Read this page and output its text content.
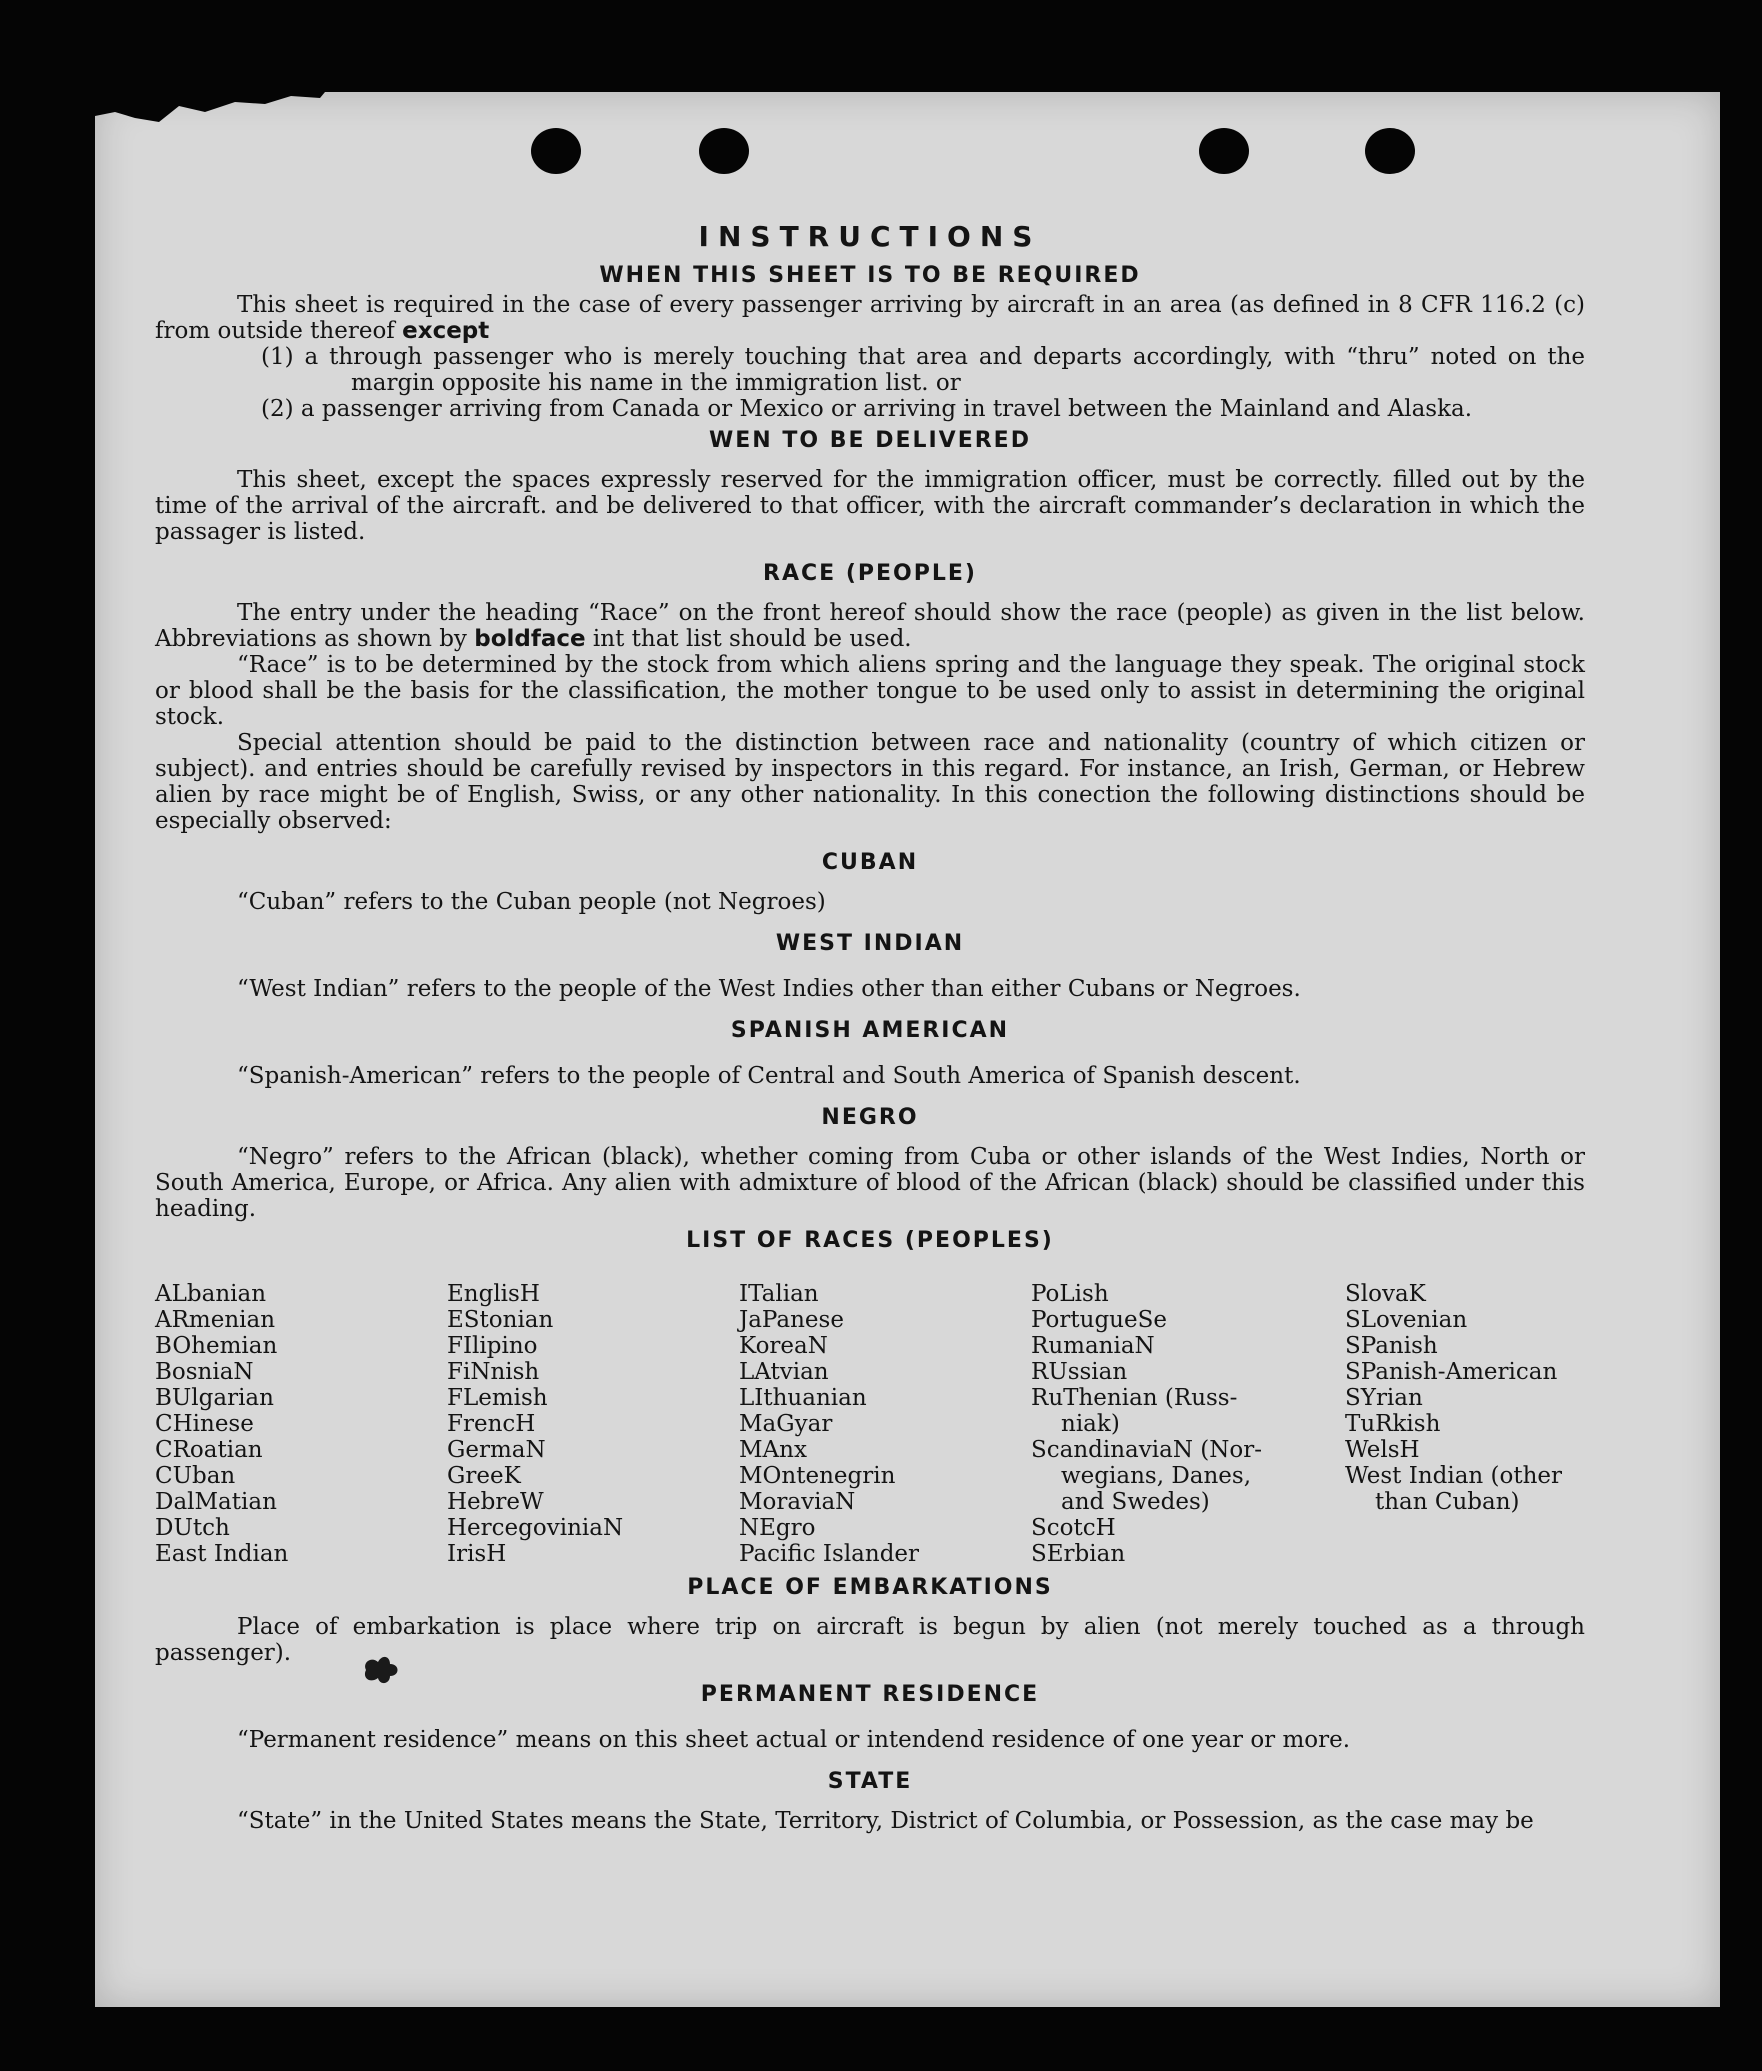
INSTRUCTIONS
WHEN THIS SHEET IS TO BE REQUIRED

This sheet is required in the case of every passenger arriving by aircraft in an area (as defined in 8 CFR 116.2 (c) from outside thereof except

(1) a through passenger who is merely touching that area and departs accordingly, with “thru” noted on the margin opposite his name in the immigration list. or

(2) a passenger arriving from Canada or Mexico or arriving in travel between the Mainland and Alaska.

WEN TO BE DELIVERED

This sheet, except the spaces expressly reserved for the immigration officer, must be correctly. filled out by the time of the arrival of the aircraft. and be delivered to that officer, with the aircraft commander’s declaration in which the passager is listed.

RACE (PEOPLE)

The entry under the heading “Race” on the front hereof should show the race (people) as given in the list below. Abbreviations as shown by boldface int that list should be used.

“Race” is to be determined by the stock from which aliens spring and the language they speak. The original stock or blood shall be the basis for the classification, the mother tongue to be used only to assist in determining the original stock.

Special attention should be paid to the distinction between race and nationality (country of which citizen or subject). and entries should be carefully revised by inspectors in this regard. For instance, an Irish, German, or Hebrew alien by race might be of English, Swiss, or any other nationality. In this conection the following distinctions should be especially observed:

CUBAN

“Cuban” refers to the Cuban people (not Negroes)

WEST INDIAN

“West Indian” refers to the people of the West Indies other than either Cubans or Negroes.

SPANISH AMERICAN

“Spanish-American” refers to the people of Central and South America of Spanish descent.

NEGRO

“Negro” refers to the African (black), whether coming from Cuba or other islands of the West Indies, North or South America, Europe, or Africa. Any alien with admixture of blood of the African (black) should be classified under this heading.

LIST OF RACES (PEOPLES)
ALbanian
ARmenian
BOhemian
BosniaN
BUlgarian
CHinese
CRoatian
CUban
DalMatian
DUtch
East Indian
EnglisH
EStonian
FIlipino
FiNnish
FLemish
FrencH
GermaN
GreeK
HebreW
HercegoviniaN
IrisH
ITalian
JaPanese
KoreaN
LAtvian
LIthuanian
MaGyar
MAnx
MOntenegrin
MoraviaN
NEgro
Pacific Islander
PoLish
PortugueSe
RumaniaN
RUssian
RuThenian (Russ-
niak)
ScandinaviaN (Nor-
wegians, Danes,
and Swedes)
ScotcH
SErbian
SlovaK
SLovenian
SPanish
SPanish-American
SYrian
TuRkish
WelsH
West Indian (other
than Cuban)
PLACE OF EMBARKATIONS

Place of embarkation is place where trip on aircraft is begun by alien (not merely touched as a through passenger).

PERMANENT RESIDENCE

“Permanent residence” means on this sheet actual or intendend residence of one year or more.

STATE

“State” in the United States means the State, Territory, District of Columbia, or Possession, as the case may be
